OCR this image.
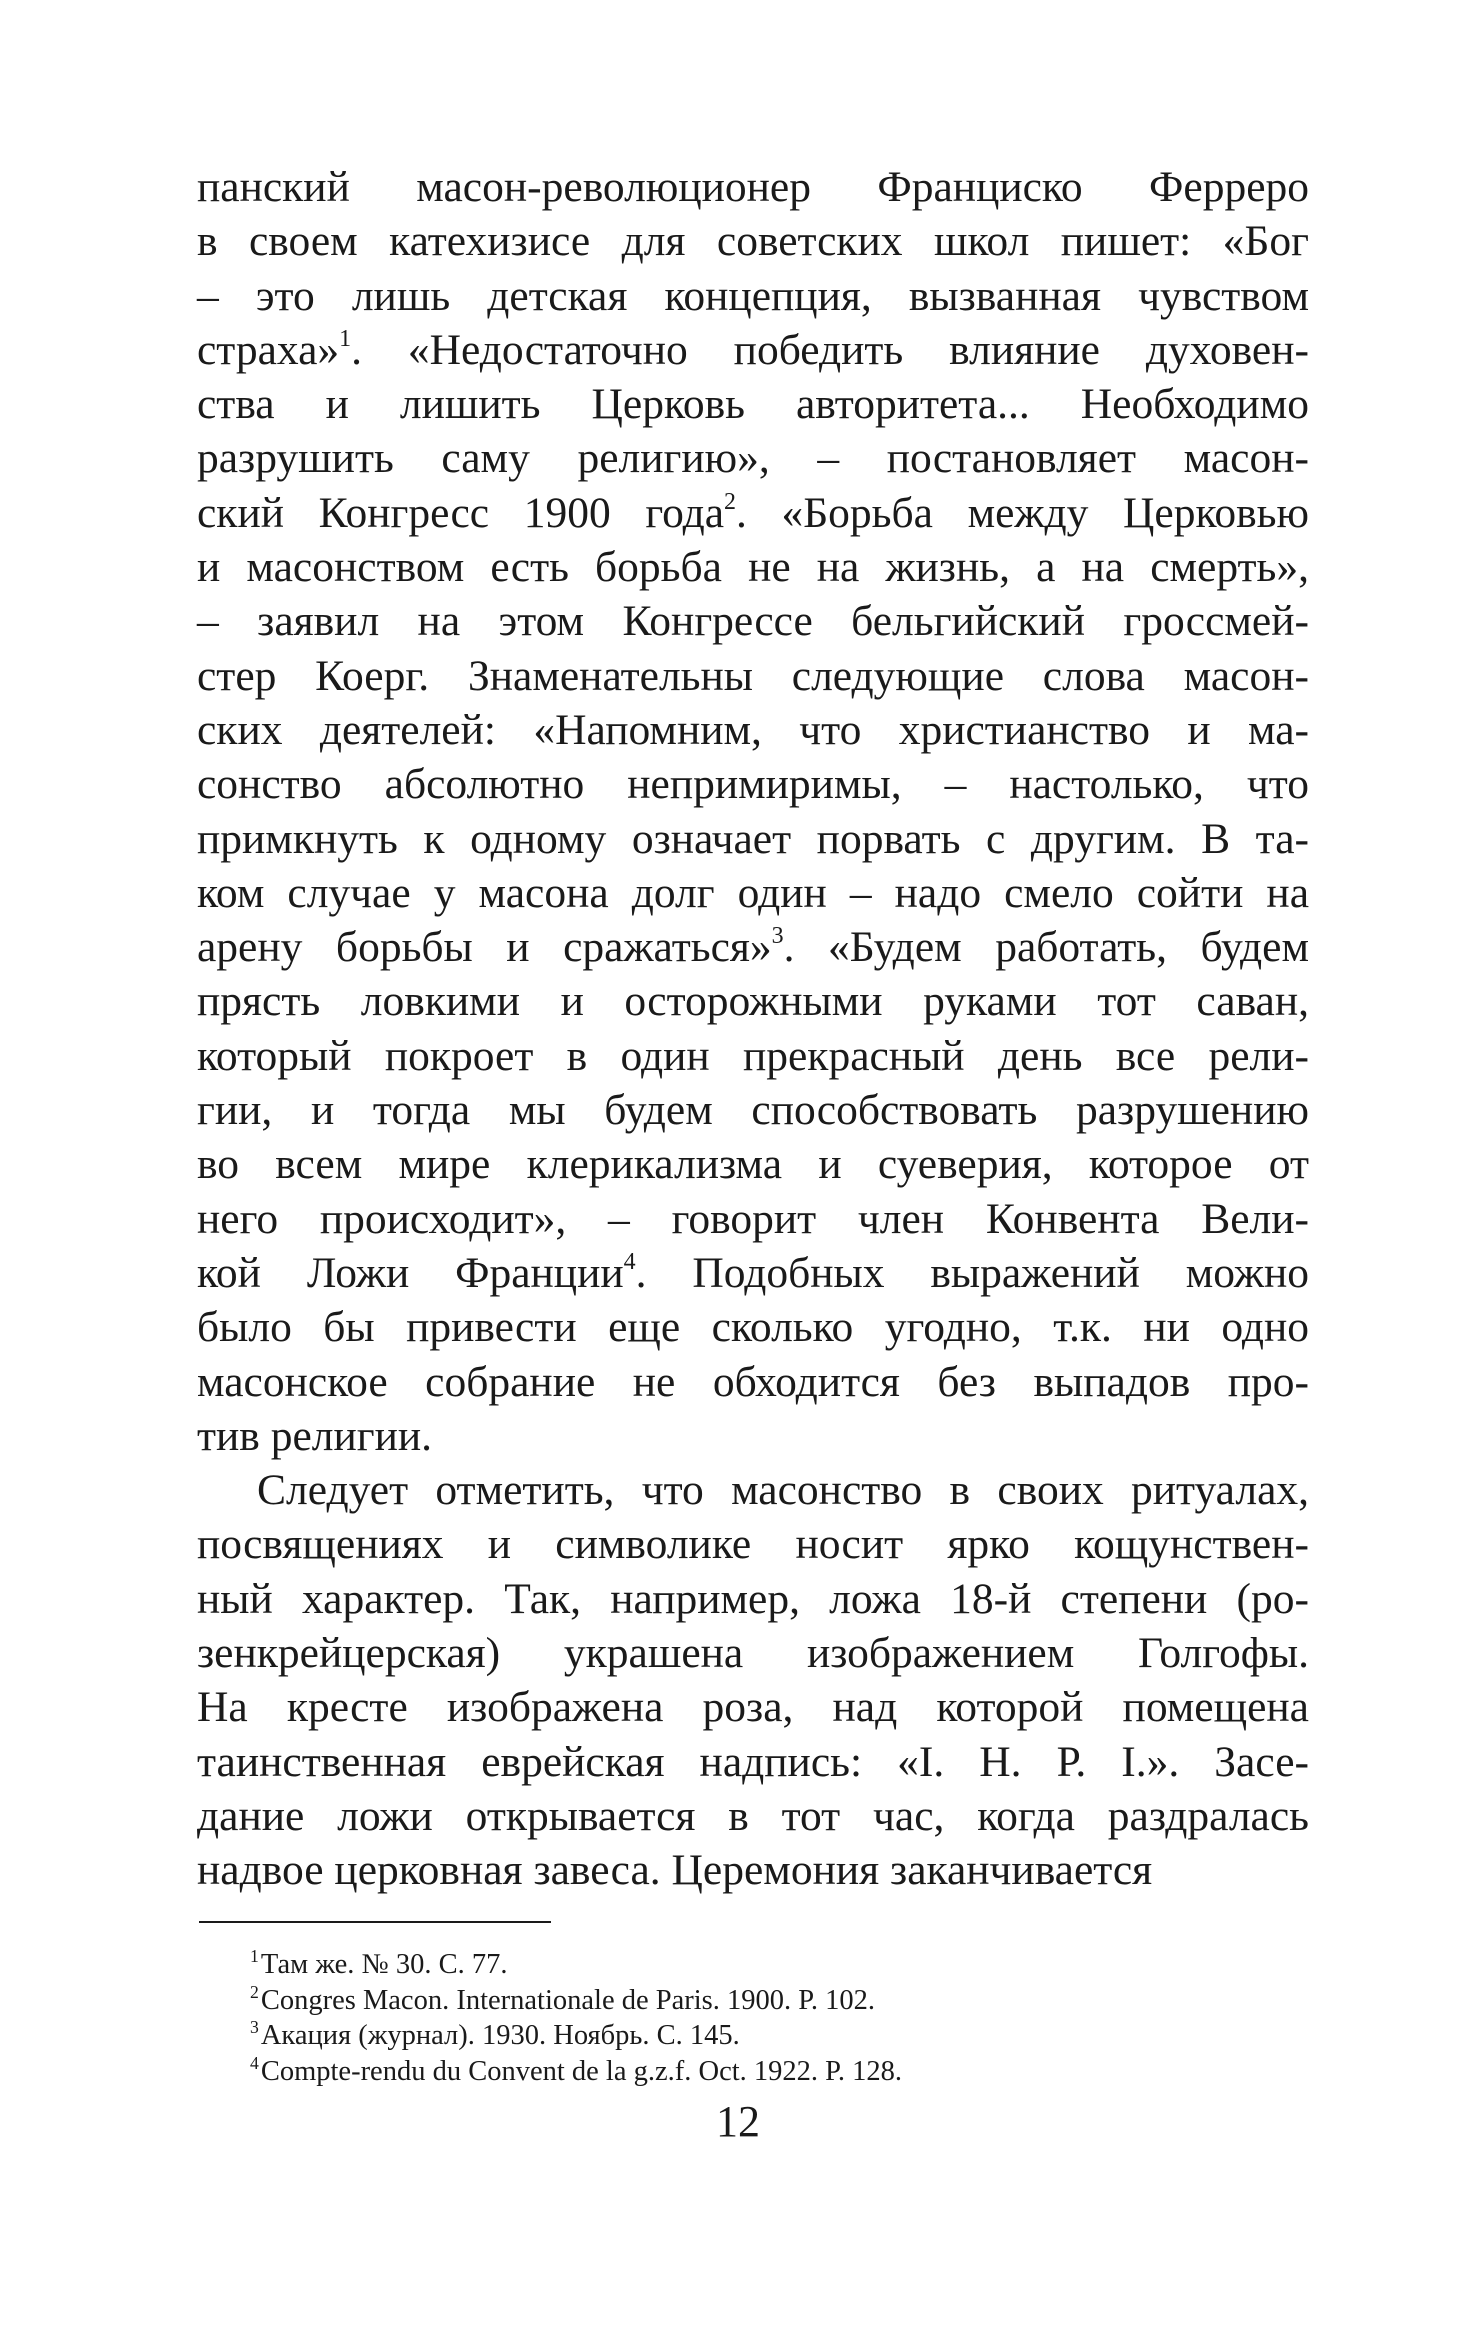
панский масон-революционер Франциско Ферреро
в своем катехизисе для советских школ пишет: «Бог
– это лишь детская концепция, вызванная чувством
страха»$^1$. «Недостаточно победить влияние духовен-
ства и лишить Церковь авторитета... Необходимо
разрушить саму религию», – постановляет масон-
ский Конгресс 1900 года$^2$. «Борьба между Церковью
и масонством есть борьба не на жизнь, а на смерть»,
– заявил на этом Конгрессе бельгийский гроссмей-
стер Коерг. Знаменательны следующие слова масон-
ских деятелей: «Напомним, что христианство и ма-
сонство абсолютно непримиримы, – настолько, что
примкнуть к одному означает порвать с другим. В та-
ком случае у масона долг один – надо смело сойти на
арену борьбы и сражаться»$^3$. «Будем работать, будем
прясть ловкими и осторожными руками тот саван,
который покроет в один прекрасный день все рели-
гии, и тогда мы будем способствовать разрушению
во всем мире клерикализма и суеверия, которое от
него происходит», – говорит член Конвента Вели-
кой Ложи Франции$^4$. Подобных выражений можно
было бы привести еще сколько угодно, т.к. ни одно
масонское собрание не обходится без выпадов про-
тив религии.
Следует отметить, что масонство в своих ритуалах,
посвящениях и символике носит ярко кощунствен-
ный характер. Так, например, ложа 18-й степени (ро-
зенкрейцерская) украшена изображением Голгофы.
На кресте изображена роза, над которой помещена
таинственная еврейская надпись: «I. Н. Р. I.». Засе-
дание ложи открывается в тот час, когда раздралась
надвое церковная завеса. Церемония заканчивается
$^1$Там же. № 30. С. 77.
$^2$Congres Macon. Internationale de Paris. 1900. P. 102.
$^3$Акация (журнал). 1930. Ноябрь. С. 145.
$^4$Compte-rendu du Convent de la g.z.f. Oct. 1922. P. 128.
12
